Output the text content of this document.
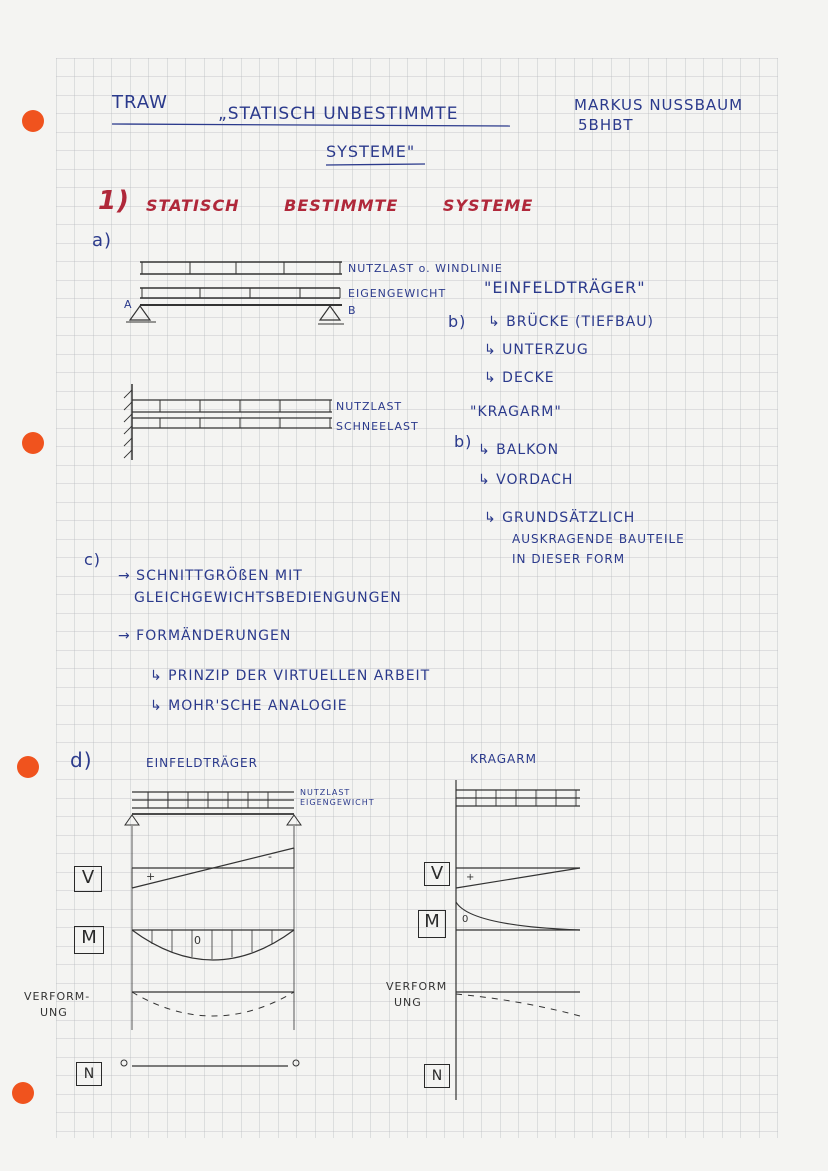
TRAW
„STATISCH UNBESTIMMTE
SYSTEME"
MARKUS NUSSBAUM
5BHBT
1) STATISCH BESTIMMTE SYSTEME
a)
NUTZLAST o. WINDLINIE
EIGENGEWICHT
A	B
"EINFELDTRÄGER"
b) ↳ BRÜCKE (TIEFBAU)
↳ UNTERZUG
↳ DECKE
NUTZLAST
SCHNEELAST
"KRAGARM"
b) ↳ BALKON
↳ VORDACH
↳ GRUNDSÄTZLICH
AUSKRAGENDE BAUTEILE
IN DIESER FORM
c)
→ SCHNITTGRÖßEN MIT
GLEICHGEWICHTSBEDIENGUNGEN
→ FORMÄNDERUNGEN
↳ PRINZIP DER VIRTUELLEN ARBEIT
↳ MOHR'SCHE ANALOGIE
d)	EINFELDTRÄGER	KRAGARM
NUTZLAST
EIGENGEWICHT
V
M
N
V
M
N
VERFORM-
UNG
VERFORM
UNG
+
-
0
+
0
